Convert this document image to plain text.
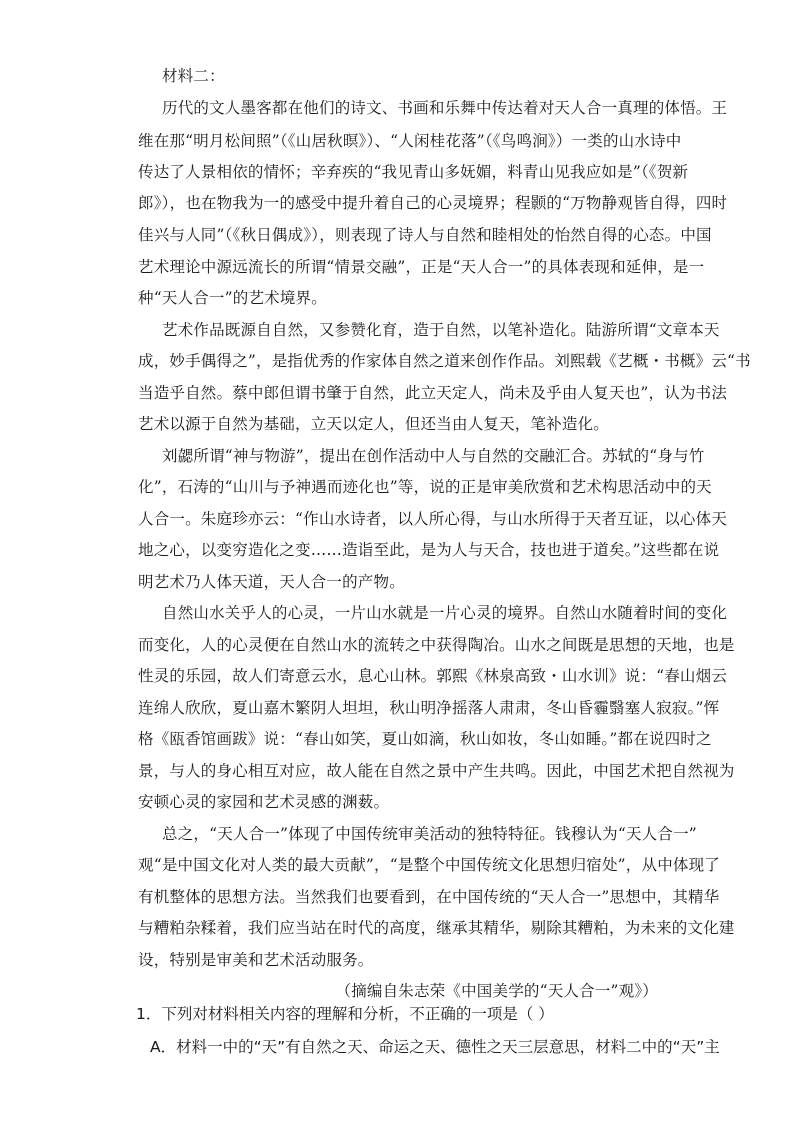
材料二：
历代的文人墨客都在他们的诗文、书画和乐舞中传达着对天人合一真理的体悟。王
维在那“明月松间照”（《山居秋暝》）、“人闲桂花落”（《鸟鸣涧》）一类的山水诗中
传达了人景相依的情怀；辛弃疾的“我见青山多妩媚，料青山见我应如是”（《贺新
郎》），也在物我为一的感受中提升着自己的心灵境界；程颢的“万物静观皆自得，四时
佳兴与人同”（《秋日偶成》），则表现了诗人与自然和睦相处的怡然自得的心态。中国
艺术理论中源远流长的所谓“情景交融”，正是“天人合一”的具体表现和延伸，是一
种“天人合一”的艺术境界。
艺术作品既源自自然，又参赞化育，造于自然，以笔补造化。陆游所谓“文章本天
成，妙手偶得之”，是指优秀的作家体自然之道来创作作品。刘熙载《艺概・书概》云“书
当造乎自然。蔡中郎但谓书肇于自然，此立天定人，尚未及乎由人复天也”，认为书法
艺术以源于自然为基础，立天以定人，但还当由人复天，笔补造化。
刘勰所谓“神与物游”，提出在创作活动中人与自然的交融汇合。苏轼的“身与竹
化”，石涛的“山川与予神遇而迹化也”等，说的正是审美欣赏和艺术构思活动中的天
人合一。朱庭珍亦云：“作山水诗者，以人所心得，与山水所得于天者互证，以心体天
地之心，以变穷造化之变……造诣至此，是为人与天合，技也进于道矣。”这些都在说
明艺术乃人体天道，天人合一的产物。
自然山水关乎人的心灵，一片山水就是一片心灵的境界。自然山水随着时间的变化
而变化，人的心灵便在自然山水的流转之中获得陶冶。山水之间既是思想的天地，也是
性灵的乐园，故人们寄意云水，息心山林。郭熙《林泉高致・山水训》说：“春山烟云
连绵人欣欣，夏山嘉木繁阴人坦坦，秋山明净摇落人肃肃，冬山昏霾翳塞人寂寂。”恽
格《瓯香馆画跋》说：“春山如笑，夏山如滴，秋山如妆，冬山如睡。”都在说四时之
景，与人的身心相互对应，故人能在自然之景中产生共鸣。因此，中国艺术把自然视为
安顿心灵的家园和艺术灵感的渊薮。
总之，“天人合一”体现了中国传统审美活动的独特特征。钱穆认为“天人合一”
观“是中国文化对人类的最大贡献”，“是整个中国传统文化思想归宿处”，从中体现了
有机整体的思想方法。当然我们也要看到，在中国传统的“天人合一”思想中，其精华
与糟粕杂糅着，我们应当站在时代的高度，继承其精华，剔除其糟粕，为未来的文化建
设，特别是审美和艺术活动服务。
（摘编自朱志荣《中国美学的“天人合一”观》）
1．下列对材料相关内容的理解和分析，不正确的一项是（ ）
A．材料一中的“天”有自然之天、命运之天、德性之天三层意思，材料二中的“天”主
